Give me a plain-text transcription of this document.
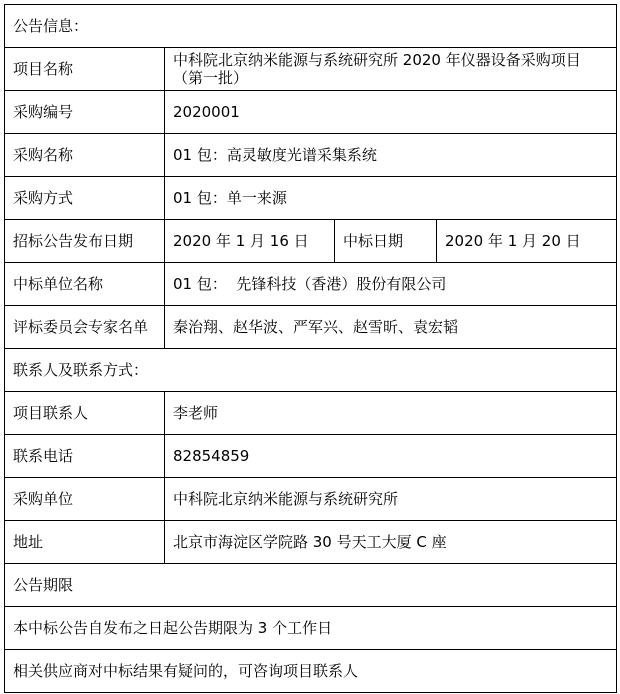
公告信息：			
项目名称	中科院北京纳米能源与系统研究所 2020 年仪器设备采购项目（第一批）		
采购编号	2020001		
采购名称	01 包：高灵敏度光谱采集系统		
采购方式	01 包：单一来源		
招标公告发布日期	2020 年 1 月 16 日	中标日期	2020 年 1 月 20 日
中标单位名称	01 包：  先锋科技（香港）股份有限公司		
评标委员会专家名单	秦治翔、赵华波、严军兴、赵雪昕、袁宏韬		
联系人及联系方式：			
项目联系人	李老师		
联系电话	82854859		
采购单位	中科院北京纳米能源与系统研究所		
地址	北京市海淀区学院路 30 号天工大厦 C 座		
公告期限			
本中标公告自发布之日起公告期限为 3 个工作日			
相关供应商对中标结果有疑问的，可咨询项目联系人			
